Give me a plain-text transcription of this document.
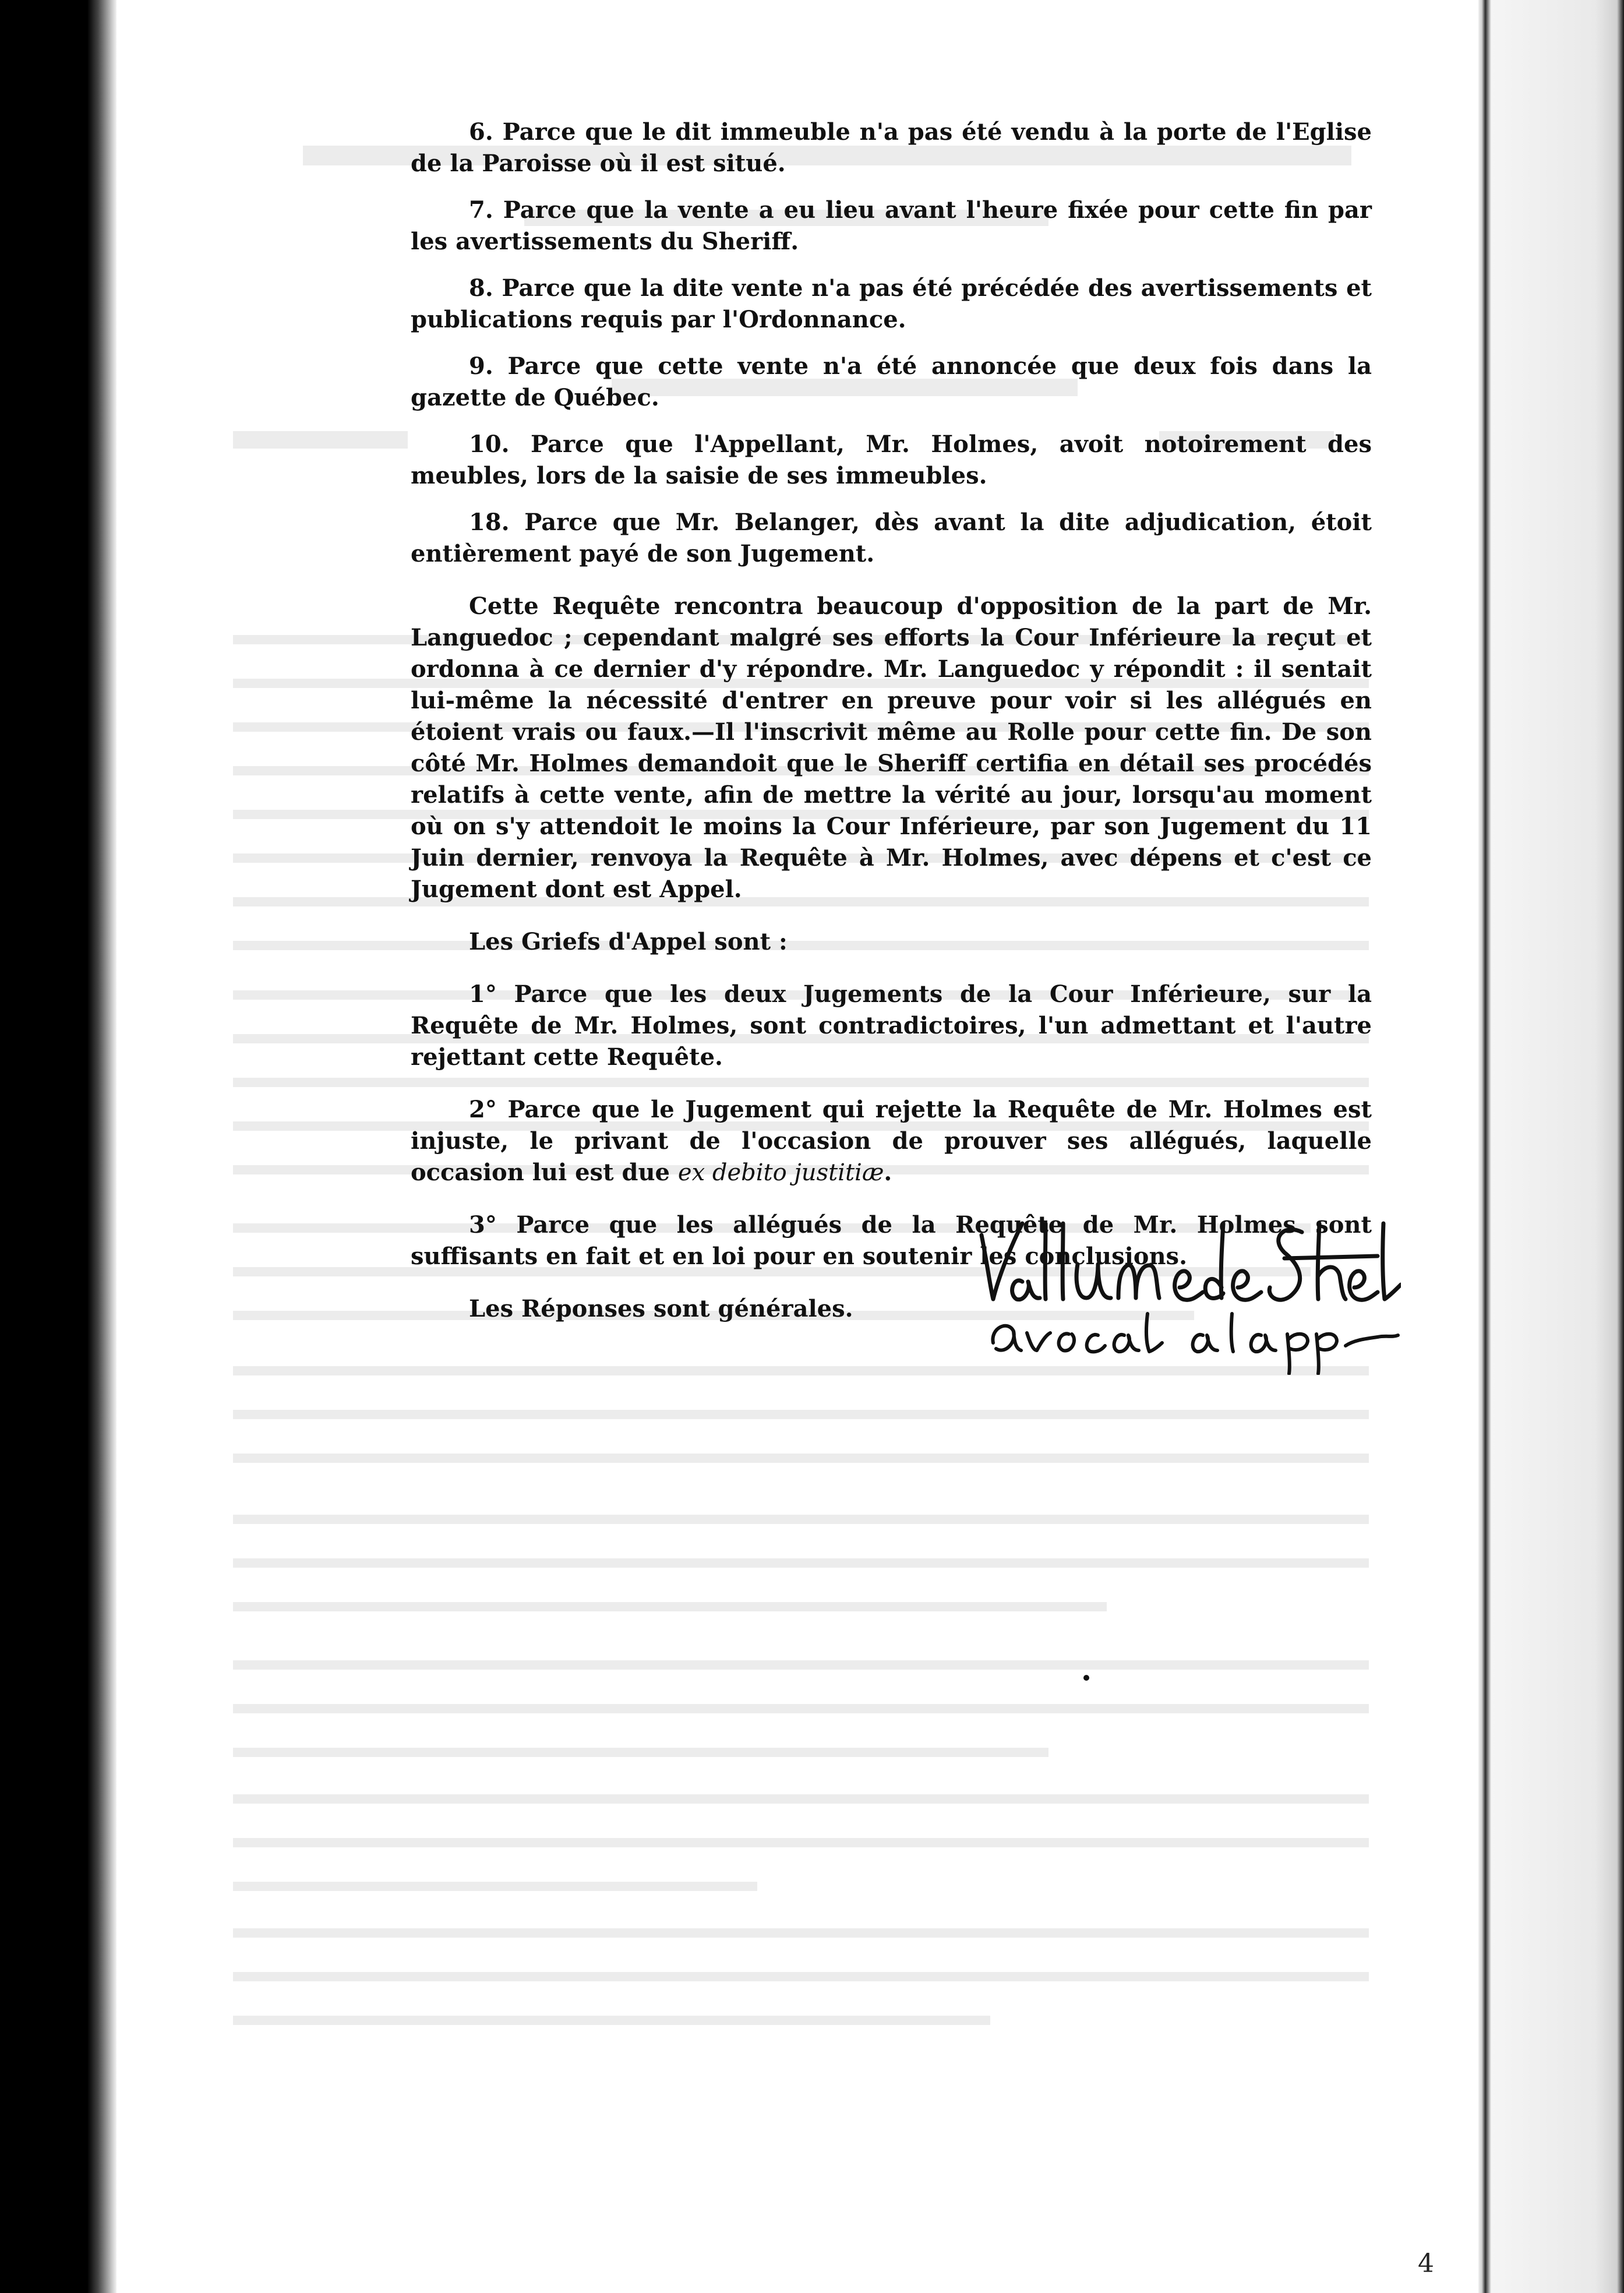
6. Parce que le dit immeuble n'a pas été vendu à la porte de l'Eglise de la Paroisse où il est situé.

7. Parce que la vente a eu lieu avant l'heure fixée pour cette fin par les avertissements du Sheriff.

8. Parce que la dite vente n'a pas été précédée des avertissements et publications requis par l'Ordonnance.

9. Parce que cette vente n'a été annoncée que deux fois dans la gazette de Québec.

10. Parce que l'Appellant, Mr. Holmes, avoit notoirement des meubles, lors de la saisie de ses immeubles.

18. Parce que Mr. Belanger, dès avant la dite adjudication, étoit entièrement payé de son Jugement.

Cette Requête rencontra beaucoup d'opposition de la part de Mr. Languedoc ; cependant malgré ses efforts la Cour Inférieure la reçut et ordonna à ce dernier d'y répondre. Mr. Languedoc y répondit : il sentait lui-même la nécessité d'entrer en preuve pour voir si les allégués en étoient vrais ou faux.—Il l'inscrivit même au Rolle pour cette fin. De son côté Mr. Holmes demandoit que le Sheriff certifia en détail ses procédés relatifs à cette vente, afin de mettre la vérité au jour, lorsqu'au moment où on s'y attendoit le moins la Cour Inférieure, par son Jugement du 11 Juin dernier, renvoya la Requête à Mr. Holmes, avec dépens et c'est ce Jugement dont est Appel.

Les Griefs d'Appel sont :

1° Parce que les deux Jugements de la Cour Inférieure, sur la Requête de Mr. Holmes, sont contradictoires, l'un admettant et l'autre rejettant cette Requête.

2° Parce que le Jugement qui rejette la Requête de Mr. Holmes est injuste, le privant de l'occasion de prouver ses allégués, laquelle occasion lui est due ex debito justitiæ.

3° Parce que les allégués de la Requête de Mr. Holmes sont suffisants en fait et en loi pour en soutenir les conclusions.

Les Réponses sont générales.

4
